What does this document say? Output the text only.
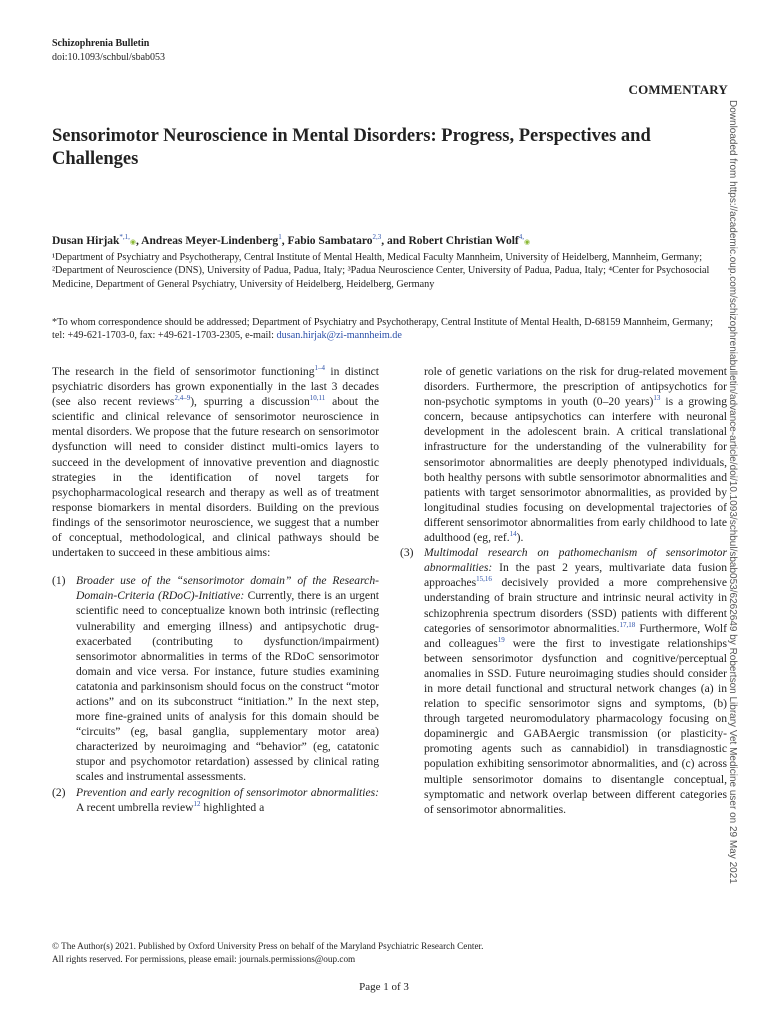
Schizophrenia Bulletin
doi:10.1093/schbul/sbab053
COMMENTARY
Sensorimotor Neuroscience in Mental Disorders: Progress, Perspectives and Challenges
Dusan Hirjak$^{*,1,}$◉, Andreas Meyer-Lindenberg$^1$, Fabio Sambataro$^{2,3}$, and Robert Christian Wolf$^{4,}$◉
¹Department of Psychiatry and Psychotherapy, Central Institute of Mental Health, Medical Faculty Mannheim, University of Heidelberg, Mannheim, Germany; ²Department of Neuroscience (DNS), University of Padua, Padua, Italy; ³Padua Neuroscience Center, University of Padua, Padua, Italy; ⁴Center for Psychosocial Medicine, Department of General Psychiatry, University of Heidelberg, Heidelberg, Germany
*To whom correspondence should be addressed; Department of Psychiatry and Psychotherapy, Central Institute of Mental Health, D-68159 Mannheim, Germany; tel: +49-621-1703-0, fax: +49-621-1703-2305, e-mail: dusan.hirjak@zi-mannheim.de

The research in the field of sensorimotor functioning$^{1-4}$ in distinct psychiatric disorders has grown exponentially in the last 3 decades (see also recent reviews$^{2,4-9}$), spurring a discussion$^{10,11}$ about the scientific and clinical relevance of sensorimotor neuroscience in mental disorders. We propose that the future research on sensorimotor dysfunction will need to consider distinct multi-omics layers to succeed in the development of innovative prevention and diagnostic strategies in the identification of novel targets for psychopharmacological research and therapy as well as of treatment response biomarkers in mental disorders. Building on the previous findings of the sensorimotor neuroscience, we suggest that a number of conceptual, methodological, and clinical pathways should be undertaken to succeed in these ambitious aims:

(1) Broader use of the “sensorimotor domain” of the Research-Domain-Criteria (RDoC)-Initiative: Currently, there is an urgent scientific need to conceptualize known both intrinsic (reflecting vulnerability and emerging illness) and antipsychotic drug-exacerbated (contributing to dysfunction/impairment) sensorimotor abnormalities in terms of the RDoC sensorimotor domain and vice versa. For instance, future studies examining catatonia and parkinsonism should focus on the construct “motor actions” and on its subconstruct “initiation.” In the next step, more fine-grained units of analysis for this domain should be “circuits” (eg, basal ganglia, supplementary motor area) characterized by neuroimaging and “behavior” (eg, catatonic stupor and psychomotor retardation) assessed by clinical rating scales and instrumental assessments.
(2) Prevention and early recognition of sensorimotor abnormalities: A recent umbrella review$^{12}$ highlighted a
role of genetic variations on the risk for drug-related movement disorders. Furthermore, the prescription of antipsychotics for non-psychotic symptoms in youth (0–20 years)$^{13}$ is a growing concern, because antipsychotics can interfere with neuronal development in the adolescent brain. A critical translational infrastructure for the understanding of the vulnerability for sensorimotor abnormalities are deeply phenotyped individuals, both healthy persons with subtle sensorimotor abnormalities and patients with target sensorimotor abnormalities, as provided by longitudinal studies focusing on developmental trajectories of different sensorimotor abnormalities from early childhood to late adulthood (eg, ref.$^{14}$).
(3) Multimodal research on pathomechanism of sensorimotor abnormalities: In the past 2 years, multivariate data fusion approaches$^{15,16}$ decisively provided a more comprehensive understanding of brain structure and intrinsic neural activity in schizophrenia spectrum disorders (SSD) patients with different categories of sensorimotor abnormalities.$^{17,18}$ Furthermore, Wolf and colleagues$^{19}$ were the first to investigate relationships between sensorimotor dysfunction and cognitive/perceptual anomalies in SSD. Future neuroimaging studies should consider in more detail functional and structural network changes (a) in relation to specific sensorimotor signs and symptoms, (b) through targeted neuromodulatory pharmacology focusing on dopaminergic and GABAergic transmission (or plasticity-promoting agents such as cannabidiol) in transdiagnostic population exhibiting sensorimotor abnormalities, and (c) across multiple sensorimotor domains to disentangle conceptual, symptomatic and network overlap between different categories of sensorimotor abnormalities.	Downloaded from https://academic.oup.com/schizophreniabulletin/advance-article/doi/10.1093/schbul/sbab053/6262649 by Robertson Library Vet Medicine user on 29 May 2021
© The Author(s) 2021. Published by Oxford University Press on behalf of the Maryland Psychiatric Research Center.
All rights reserved. For permissions, please email: journals.permissions@oup.com
Page 1 of 3
